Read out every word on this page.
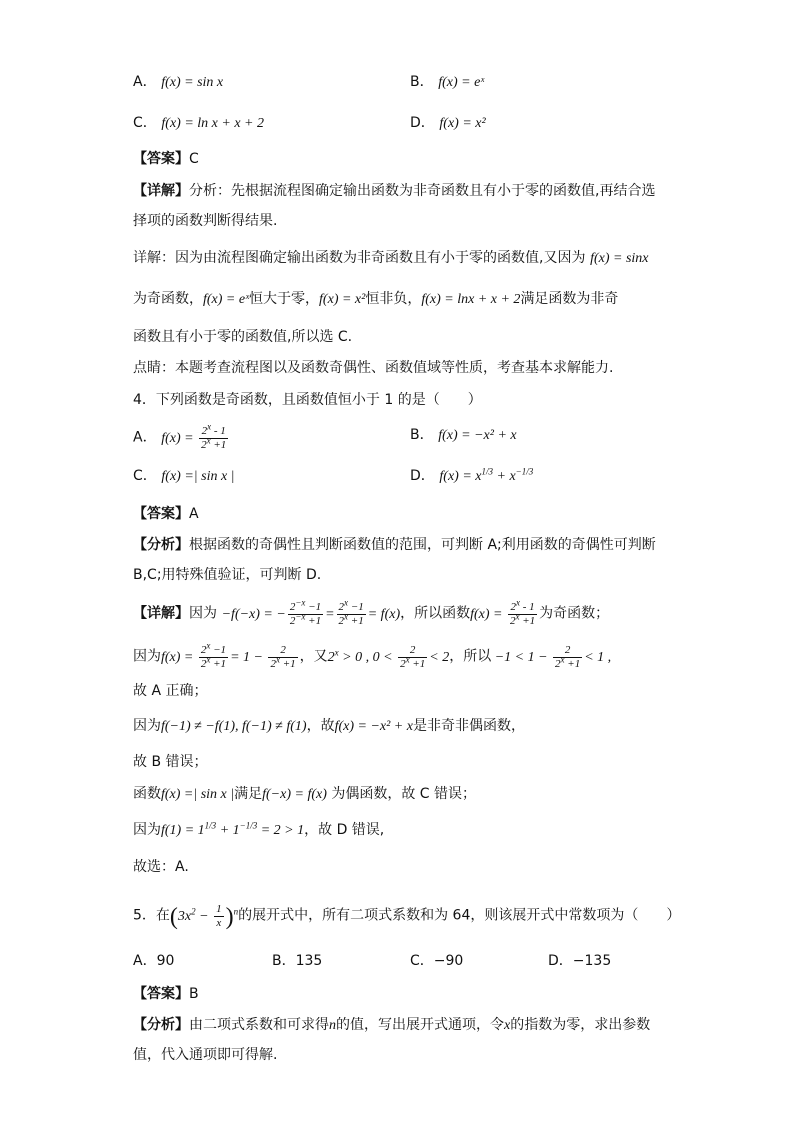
A． f(x) = sin x	B． f(x) = eˣ
C． f(x) = ln x + x + 2	D． f(x) = x²
【答案】C
【详解】分析：先根据流程图确定输出函数为非奇函数且有小于零的函数值,再结合选
择项的函数判断得结果.
详解：因为由流程图确定输出函数为非奇函数且有小于零的函数值,又因为 f(x) = sinx
为奇函数，f(x) = eˣ恒大于零，f(x) = x²恒非负，f(x) = lnx + x + 2满足函数为非奇
函数且有小于零的函数值,所以选 C.
点睛：本题考查流程图以及函数奇偶性、函数值域等性质，考查基本求解能力.
4．下列函数是奇函数，且函数值恒小于 1 的是（　　）
A． $f(x) = \frac{2^x - 1}{2^x +1}$	B． f(x) = −x² + x
C． f(x) =| sin x |	D． $f(x) = x^{1/3} + x^{-1/3}$
【答案】A
【分析】根据函数的奇偶性且判断函数值的范围，可判断 A;利用函数的奇偶性可判断
B,C;用特殊值验证，可判断 D.
【详解】因为 −f(−x) = − $\frac{2^{-x} -1}{2^{-x} +1} = \frac{2^x -1}{2^x +1} = f(x)$，所以函数$f(x) = \frac{2^x - 1}{2^x +1}$ 为奇函数；
因为$f(x) = \frac{2^x -1}{2^x +1} = 1 - \frac{2}{2^x +1}$ ，又$2^x > 0$ , $0 < \frac{2}{2^x +1} < 2$，所以 $-1 < 1 - \frac{2}{2^x +1} < 1$ ,
故 A 正确；
因为f(−1) ≠ −f(1), f(−1) ≠ f(1)，故f(x) = −x² + x是非奇非偶函数，
故 B 错误；
函数f(x) =| sin x |满足f(−x) = f(x) 为偶函数，故 C 错误；
因为$f(1) = 1^{1/3} + 1^{-1/3} = 2 > 1$，故 D 错误,
故选：A.
5．在$(3x^2 - \frac{1}{x} )^n$的展开式中，所有二项式系数和为 64，则该展开式中常数项为（　　）
A．90	B．135	C．−90	D．−135
【答案】B
【分析】由二项式系数和可求得n的值，写出展开式通项，令x的指数为零，求出参数
值，代入通项即可得解.
